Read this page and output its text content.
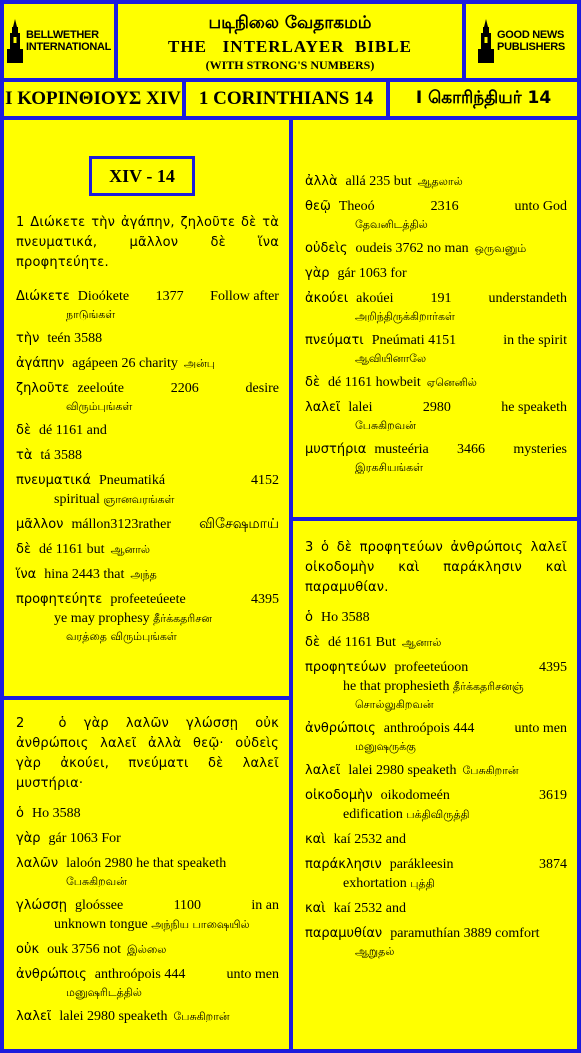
BELLWETHER
INTERNATIONAL
படிநிலை வேதாகமம்
THE   INTERLAYER  BIBLE
(WITH STRONG'S NUMBERS)
GOOD NEWS
PUBLISHERS
I ΚΟΡΙΝΘΙΟΥΣ XIV 1 CORINTHIANS 14	I கொரிந்தியர் 14
XIV - 14
1 Διώκετε τὴν ἀγάπην, ζηλοῦτε δὲ τὰ πνευματικά, μᾶλλον δὲ ἵνα προφητεύητε.
Διώκετε Dioókete 1377 Follow after
நாடுங்கள்
τὴν teén 3588
ἀγάπην agápeen 26 charity அன்பு
ζηλοῦτε zeeloúte	2206	desire
விரும்புங்கள்
δὲ dé 1161 and
τὰ tá 3588
πνευματικά Pneumatiká	4152
spiritual ஞானவரங்கள்
μᾶλλον mállon3123rather விசேஷமாய்
δὲ dé 1161 but ஆனால்
ἵνα hina 2443 that அந்த
προφητεύητε profeeteúeete	4395
ye may prophesy தீர்க்கதரிசன
வரத்தை விரும்புங்கள்
2  ὁ γὰρ λαλῶν γλώσσῃ οὐκ ἀνθρώποις λαλεῖ ἀλλὰ θεῷ· οὐδεὶς γὰρ ἀκούει, πνεύματι δὲ λαλεῖ μυστήρια·
ὁ Ho 3588
γὰρ gár 1063 For
λαλῶν laloón 2980 he that speaketh
பேசுகிறவன்
γλώσσῃ gloóssee	1100	in an
unknown tongue அந்நிய பாஷையில்
οὐκ ouk 3756 not இல்லை
ἀνθρώποις anthroópois 444	unto men
மனுஷரிடத்தில்
λαλεῖ lalei 2980 speaketh பேசுகிறான்
ἀλλὰ allá 235 but ஆதலால்
θεῷ Theoó	2316	unto God
தேவனிடத்தில்
οὐδεὶς oudeis 3762 no man ஒருவனும்
γὰρ gár 1063 for
ἀκούει akoúei	191	understandeth
அறிந்திருக்கிறார்கள்
πνεύματι Pneúmati 4151	in the spirit
ஆவியினாலே
δὲ dé 1161 howbeit ஏனெனில்
λαλεῖ lalei	2980	he speaketh
பேசுகிறவன்
μυστήρια musteéria 3466 mysteries
இரகசியங்கள்
3 ὁ δὲ προφητεύων ἀνθρώποις λαλεῖ οἰκοδομὴν καὶ παράκλησιν καὶ παραμυθίαν.
ὁ Ho 3588
δὲ dé 1161 But ஆனால்
προφητεύων profeeteúoon	4395
he that prophesieth தீர்க்கதரிசனஞ்
சொல்லுகிறவன்
ἀνθρώποις anthroópois 444	unto men
மனுஷருக்கு
λαλεῖ lalei 2980 speaketh பேசுகிறான்
οἰκοδομὴν oikodomeén	3619
edification பக்திவிருத்தி
καὶ kaí 2532 and
παράκλησιν parákleesin	3874
exhortation புத்தி
καὶ kaí 2532 and
παραμυθίαν paramuthían 3889 comfort
ஆறுதல்
